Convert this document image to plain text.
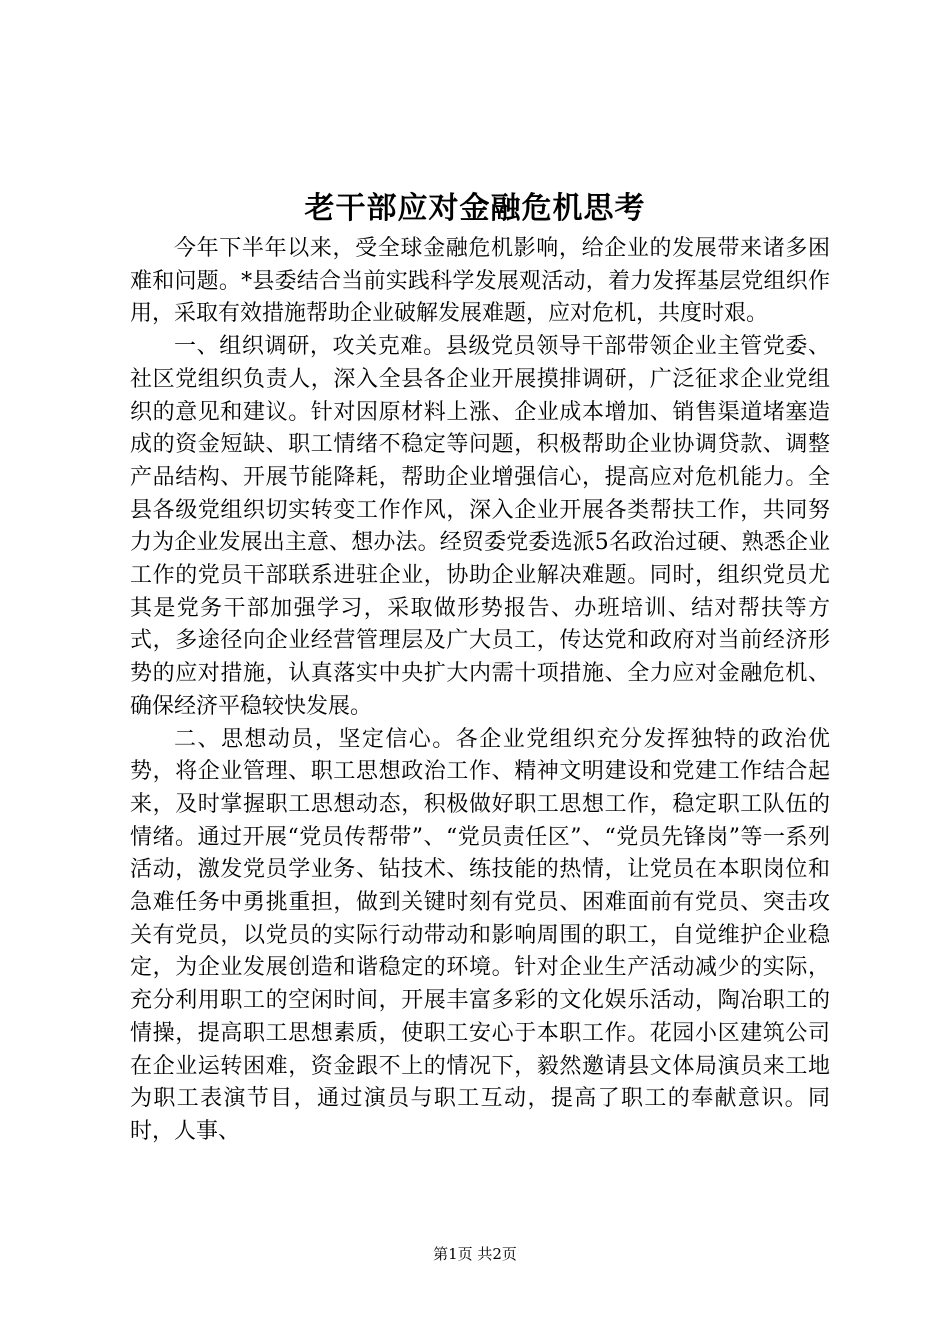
老干部应对金融危机思考

今年下半年以来，受全球金融危机影响，给企业的发展带来诸多困难和问题。*县委结合当前实践科学发展观活动，着力发挥基层党组织作用，采取有效措施帮助企业破解发展难题，应对危机，共度时艰。

一、组织调研，攻关克难。县级党员领导干部带领企业主管党委、社区党组织负责人，深入全县各企业开展摸排调研，广泛征求企业党组织的意见和建议。针对因原材料上涨、企业成本增加、销售渠道堵塞造成的资金短缺、职工情绪不稳定等问题，积极帮助企业协调贷款、调整产品结构、开展节能降耗，帮助企业增强信心，提高应对危机能力。全县各级党组织切实转变工作作风，深入企业开展各类帮扶工作，共同努力为企业发展出主意、想办法。经贸委党委选派5名政治过硬、熟悉企业工作的党员干部联系进驻企业，协助企业解决难题。同时，组织党员尤其是党务干部加强学习，采取做形势报告、办班培训、结对帮扶等方式，多途径向企业经营管理层及广大员工，传达党和政府对当前经济形势的应对措施，认真落实中央扩大内需十项措施、全力应对金融危机、确保经济平稳较快发展。

二、思想动员，坚定信心。各企业党组织充分发挥独特的政治优势，将企业管理、职工思想政治工作、精神文明建设和党建工作结合起来，及时掌握职工思想动态，积极做好职工思想工作，稳定职工队伍的情绪。通过开展“党员传帮带”、“党员责任区”、“党员先锋岗”等一系列活动，激发党员学业务、钻技术、练技能的热情，让党员在本职岗位和急难任务中勇挑重担，做到关键时刻有党员、困难面前有党员、突击攻关有党员，以党员的实际行动带动和影响周围的职工，自觉维护企业稳定，为企业发展创造和谐稳定的环境。针对企业生产活动减少的实际，充分利用职工的空闲时间，开展丰富多彩的文化娱乐活动，陶冶职工的情操，提高职工思想素质，使职工安心于本职工作。花园小区建筑公司在企业运转困难，资金跟不上的情况下，毅然邀请县文体局演员来工地为职工表演节目，通过演员与职工互动，提高了职工的奉献意识。同时，人事、

第1页 共2页
